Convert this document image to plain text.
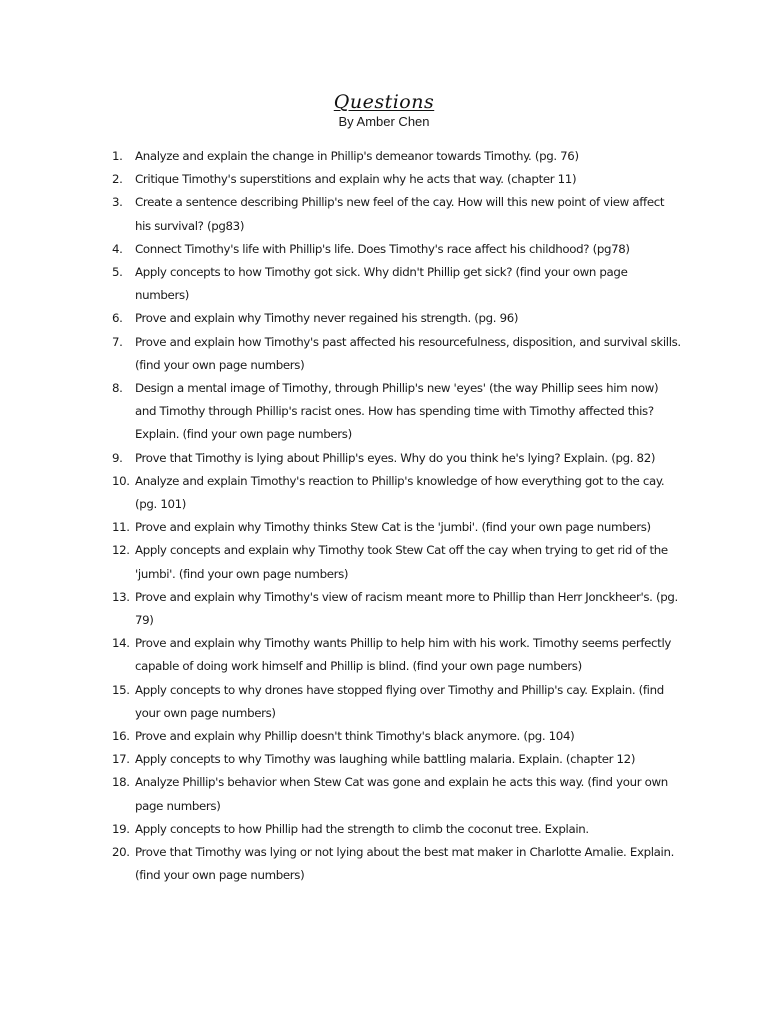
Questions
By Amber Chen
1.	Analyze and explain the change in Phillip's demeanor towards Timothy. (pg. 76)
2.	Critique Timothy's superstitions and explain why he acts that way. (chapter 11)
3.	Create a sentence describing Phillip's new feel of the cay. How will this new point of view affect his survival? (pg83)
4.	Connect Timothy's life with Phillip's life. Does Timothy's race affect his childhood? (pg78)
5.	Apply concepts to how Timothy got sick. Why didn't Phillip get sick? (find your own page numbers)
6.	Prove and explain why Timothy never regained his strength. (pg. 96)
7.	Prove and explain how Timothy's past affected his resourcefulness, disposition, and survival skills. (find your own page numbers)
8.	Design a mental image of Timothy, through Phillip's new 'eyes' (the way Phillip sees him now) and Timothy through Phillip's racist ones. How has spending time with Timothy affected this? Explain. (find your own page numbers)
9.	Prove that Timothy is lying about Phillip's eyes. Why do you think he's lying? Explain. (pg. 82)
10. Analyze and explain Timothy's reaction to Phillip's knowledge of how everything got to the cay. (pg. 101)
11. Prove and explain why Timothy thinks Stew Cat is the 'jumbi'. (find your own page numbers)
12. Apply concepts and explain why Timothy took Stew Cat off the cay when trying to get rid of the 'jumbi'. (find your own page numbers)
13. Prove and explain why Timothy's view of racism meant more to Phillip than Herr Jonckheer's. (pg. 79)
14. Prove and explain why Timothy wants Phillip to help him with his work. Timothy seems perfectly capable of doing work himself and Phillip is blind. (find your own page numbers)
15. Apply concepts to why drones have stopped flying over Timothy and Phillip's cay. Explain. (find your own page numbers)
16. Prove and explain why Phillip doesn't think Timothy's black anymore. (pg. 104)
17. Apply concepts to why Timothy was laughing while battling malaria. Explain. (chapter 12)
18. Analyze Phillip's behavior when Stew Cat was gone and explain he acts this way. (find your own page numbers)
19. Apply concepts to how Phillip had the strength to climb the coconut tree. Explain.
20. Prove that Timothy was lying or not lying about the best mat maker in Charlotte Amalie. Explain. (find your own page numbers)
